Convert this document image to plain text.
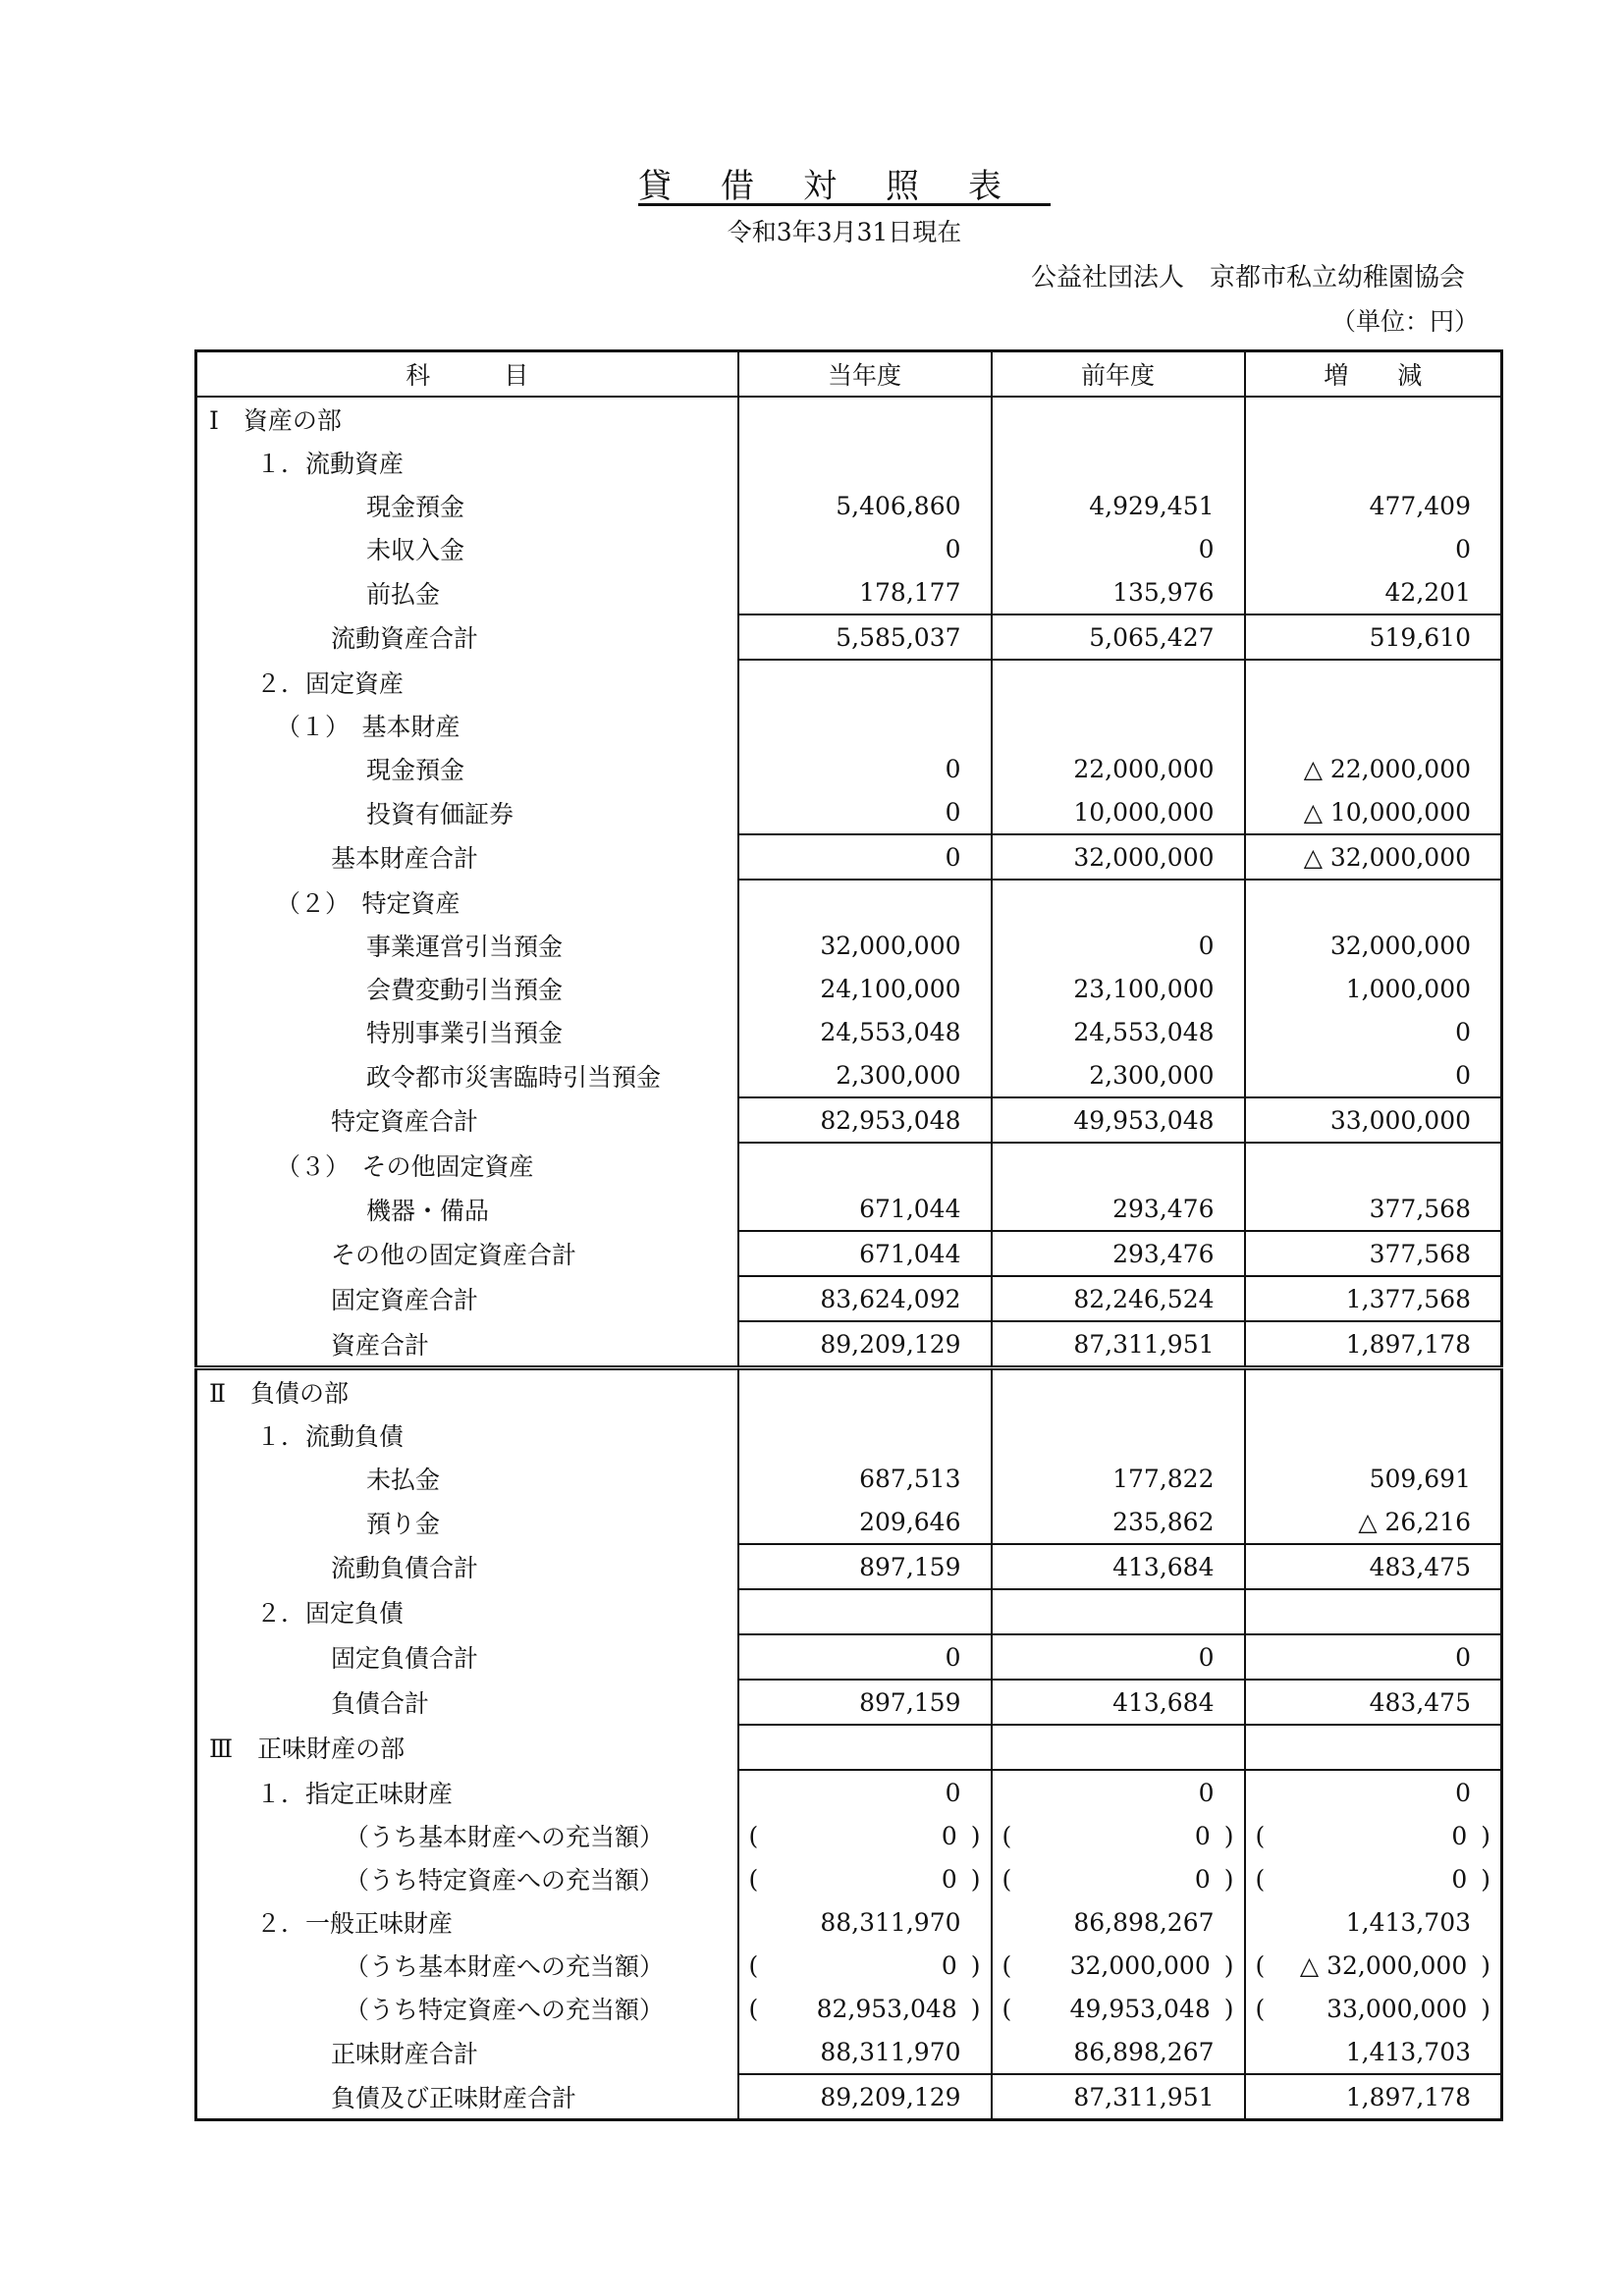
貸借対照表
令和3年3月31日現在
公益社団法人　京都市私立幼稚園協会
（単位：円）
科　　　目	当年度	前年度	増　　減
Ⅰ　資産の部			
１．流動資産			
現金預金	5,406,860	4,929,451	477,409
未収入金	0	0	0
前払金	178,177	135,976	42,201
流動資産合計	5,585,037	5,065,427	519,610
２．固定資産			
（１）　基本財産			
現金預金	0	22,000,000	△ 22,000,000
投資有価証券	0	10,000,000	△ 10,000,000
基本財産合計	0	32,000,000	△ 32,000,000
（２）　特定資産			
事業運営引当預金	32,000,000	0	32,000,000
会費変動引当預金	24,100,000	23,100,000	1,000,000
特別事業引当預金	24,553,048	24,553,048	0
政令都市災害臨時引当預金	2,300,000	2,300,000	0
特定資産合計	82,953,048	49,953,048	33,000,000
（３）　その他固定資産			
機器・備品	671,044	293,476	377,568
その他の固定資産合計	671,044	293,476	377,568
固定資産合計	83,624,092	82,246,524	1,377,568
資産合計	89,209,129	87,311,951	1,897,178
Ⅱ　負債の部			
１．流動負債			
未払金	687,513	177,822	509,691
預り金	209,646	235,862	△ 26,216
流動負債合計	897,159	413,684	483,475
２．固定負債			
固定負債合計	0	0	0
負債合計	897,159	413,684	483,475
Ⅲ　正味財産の部			
１．指定正味財産	0	0	0
（うち基本財産への充当額）	( 0 )	( 0 )	( 0 )

（うち特定資産への充当額）	( 0 )	( 0 )	( 0 )

２．一般正味財産	88,311,970	86,898,267	1,413,703
（うち基本財産への充当額）	( 0 )	( 32,000,000 )	( △ 32,000,000 )

（うち特定資産への充当額）	( 82,953,048 )	( 49,953,048 )	( 33,000,000 )

正味財産合計	88,311,970	86,898,267	1,413,703
負債及び正味財産合計	89,209,129	87,311,951	1,897,178
